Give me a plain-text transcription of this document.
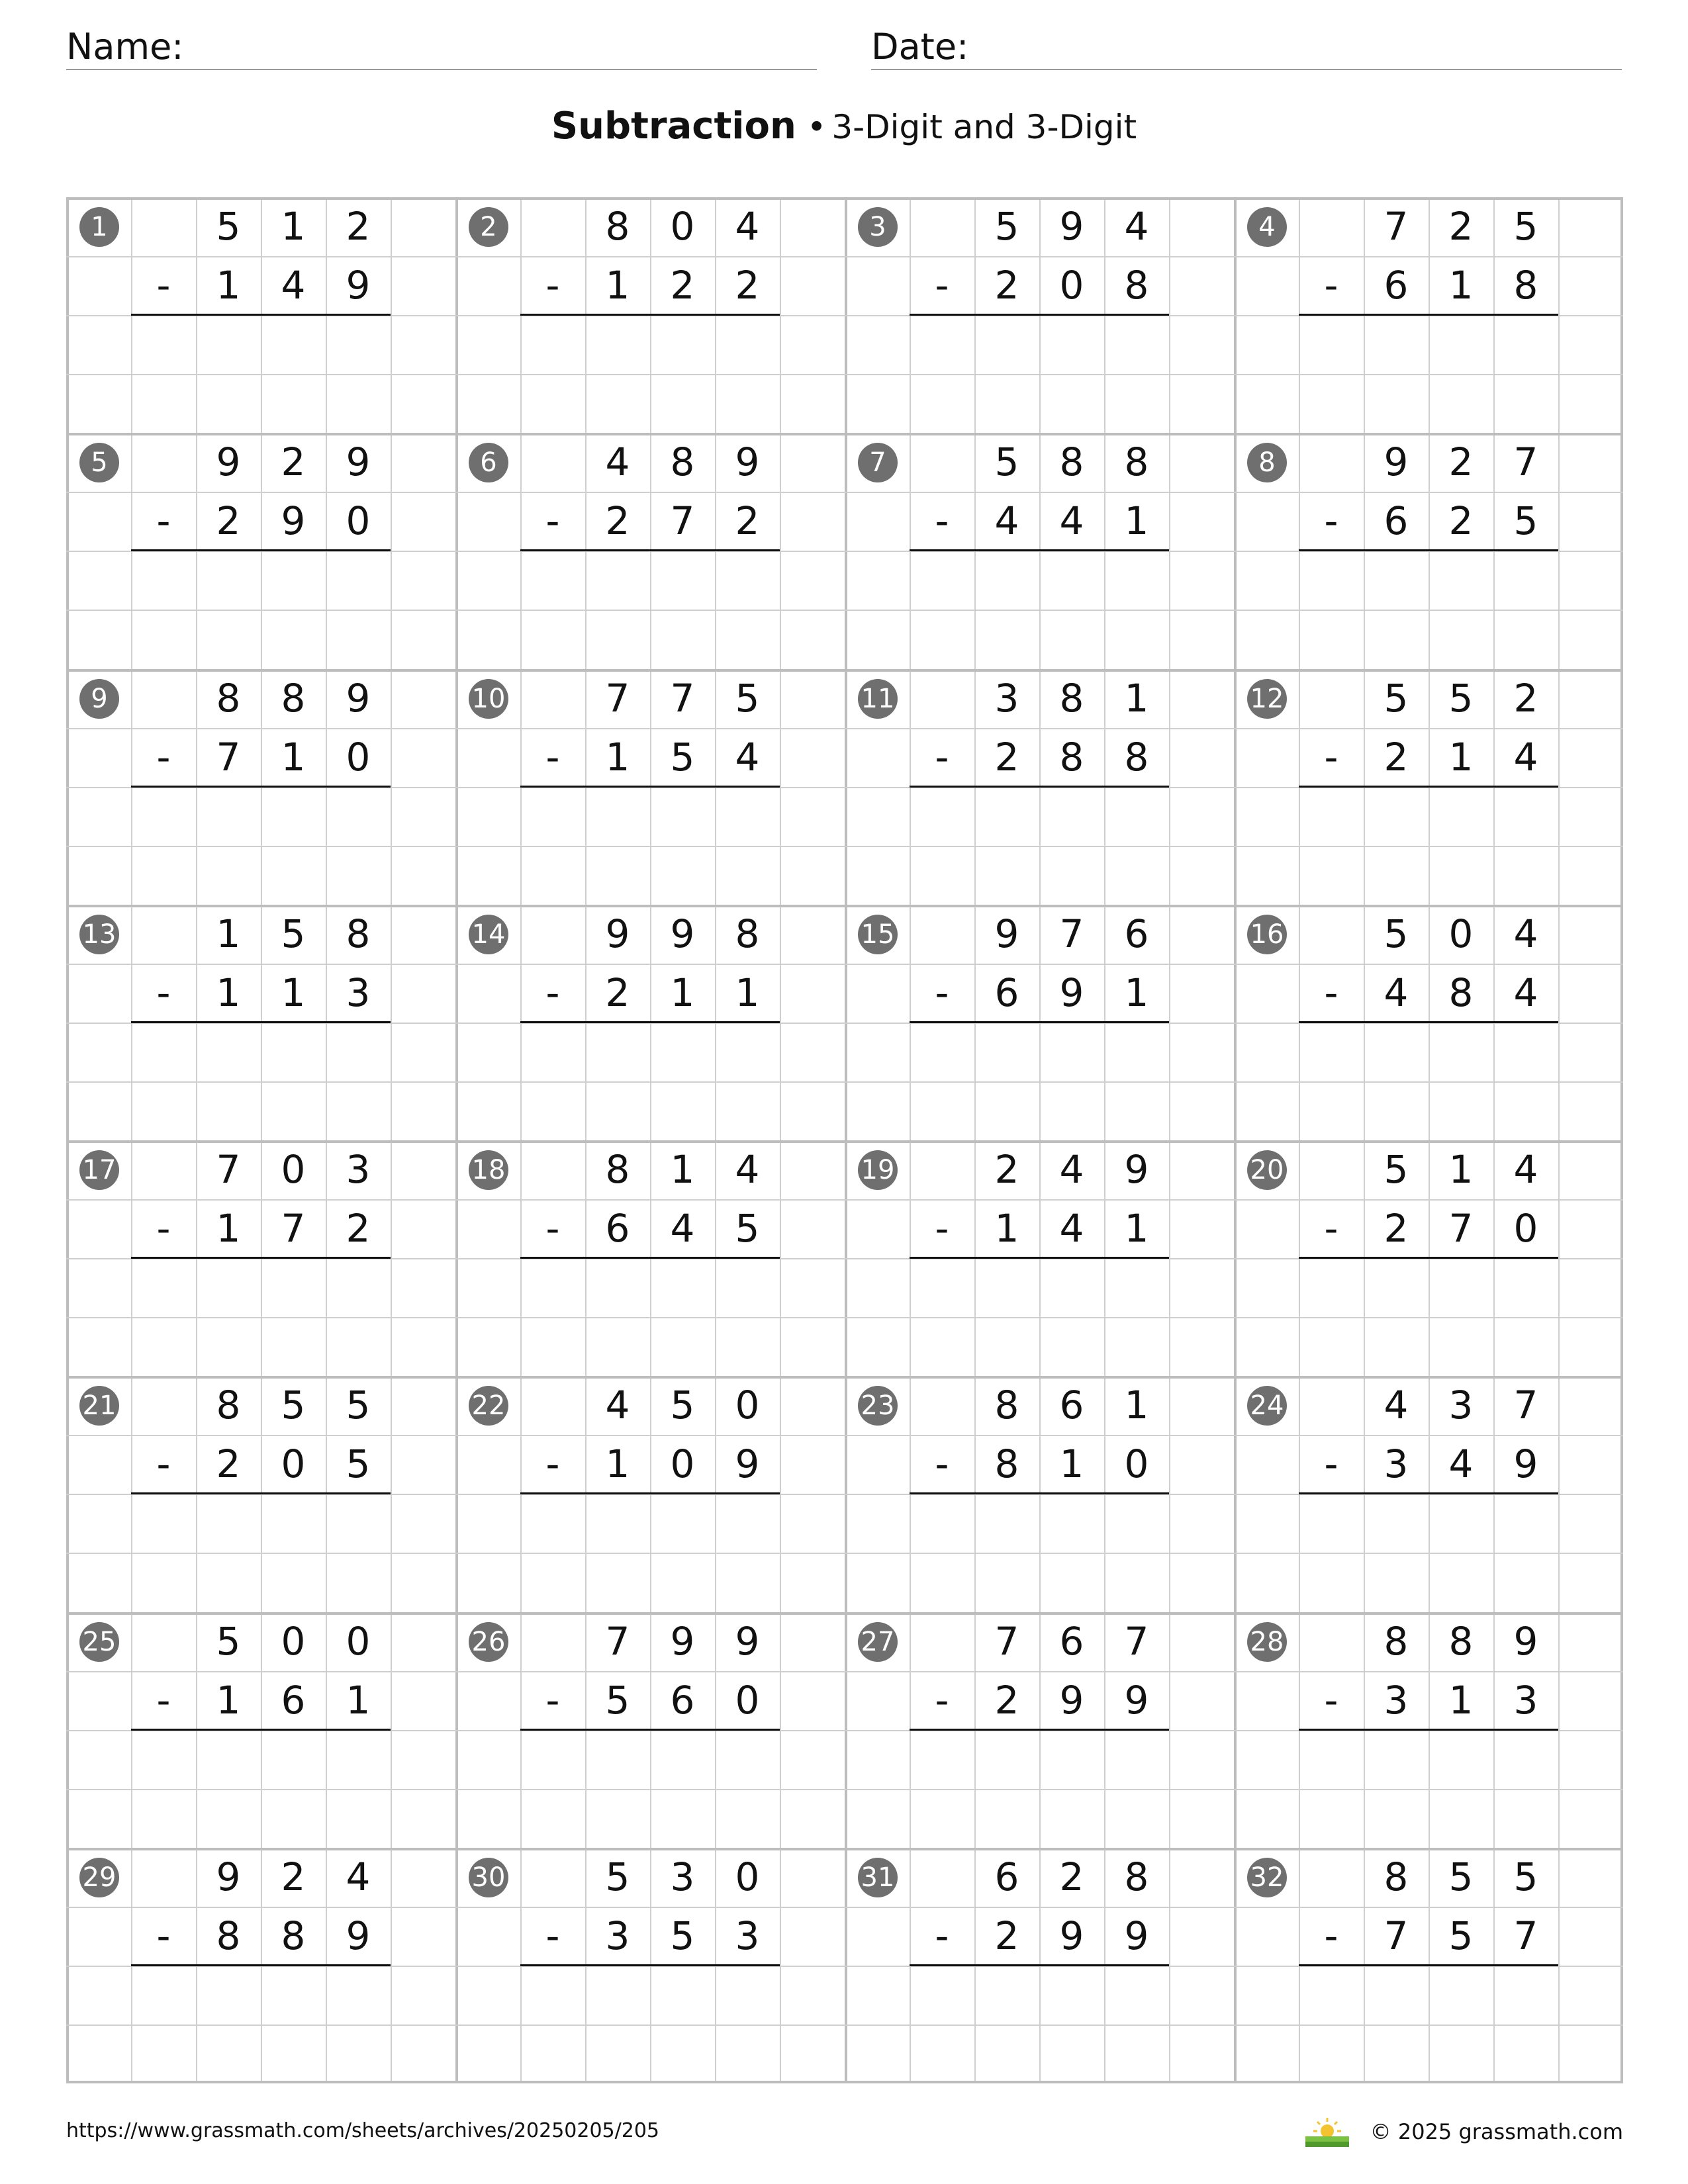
Name:	Date:
Subtraction • 3-Digit and 3-Digit
1	5	1	2
-	1	4	9
2	8	0	4
-	1	2	2
3	5	9	4
-	2	0	8
4	7	2	5
-	6	1	8
5	9	2	9
-	2	9	0
6	4	8	9
-	2	7	2
7	5	8	8
-	4	4	1
8	9	2	7
-	6	2	5
9	8	8	9
-	7	1	0
10	7	7	5
-	1	5	4
11	3	8	1
-	2	8	8
12	5	5	2
-	2	1	4
13	1	5	8
-	1	1	3
14	9	9	8
-	2	1	1
15	9	7	6
-	6	9	1
16	5	0	4
-	4	8	4
17	7	0	3
-	1	7	2
18	8	1	4
-	6	4	5
19	2	4	9
-	1	4	1
20	5	1	4
-	2	7	0
21	8	5	5
-	2	0	5
22	4	5	0
-	1	0	9
23	8	6	1
-	8	1	0
24	4	3	7
-	3	4	9
25	5	0	0
-	1	6	1
26	7	9	9
-	5	6	0
27	7	6	7
-	2	9	9
28	8	8	9
-	3	1	3
29	9	2	4
-	8	8	9
30	5	3	0
-	3	5	3
31	6	2	8
-	2	9	9
32	8	5	5
-	7	5	7
https://www.grassmath.com/sheets/archives/20250205/205	© 2025 grassmath.com
